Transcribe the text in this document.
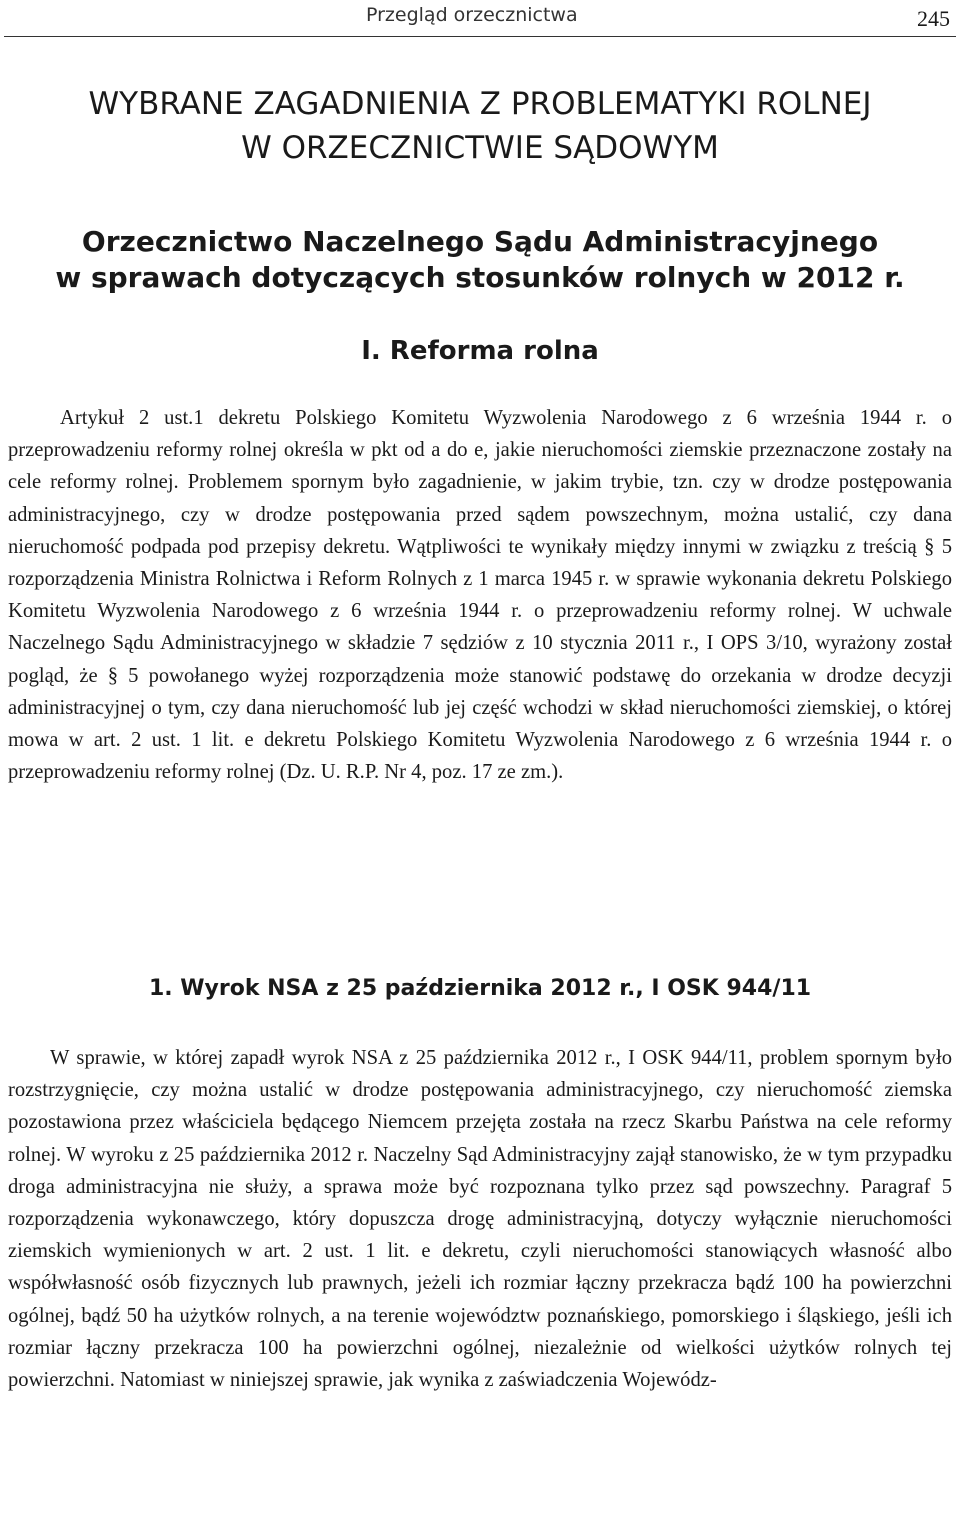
Przegląd orzecznictwa	245
WYBRANE ZAGADNIENIA Z PROBLEMATYKI ROLNEJ
W ORZECZNICTWIE SĄDOWYM
Orzecznictwo Naczelnego Sądu Administracyjnego
w sprawach dotyczących stosunków rolnych w 2012 r.
I. Reforma rolna

Artykuł 2 ust.1 dekretu Polskiego Komitetu Wyzwolenia Narodowego z 6 września 1944 r. o przeprowadzeniu reformy rolnej określa w pkt od a do e, jakie nieruchomości ziemskie przeznaczone zostały na cele reformy rolnej. Problemem spornym było zagadnienie, w jakim trybie, tzn. czy w drodze postępowania administracyjnego, czy w drodze postępowania przed sądem powszechnym, można ustalić, czy dana nieruchomość podpada pod przepisy dekretu. Wątpliwości te wynikały między innymi w związku z treścią § 5 rozporządzenia Ministra Rolnictwa i Reform Rolnych z 1 marca 1945 r. w sprawie wykonania dekretu Polskiego Komitetu Wyzwolenia Narodowego z 6 września 1944 r. o przeprowadzeniu reformy rolnej. W uchwale Naczelnego Sądu Administracyjnego w składzie 7 sędziów z 10 stycznia 2011 r., I OPS 3/10, wyrażony został pogląd, że § 5 powołanego wyżej rozporządzenia może stanowić podstawę do orzekania w drodze decyzji administracyjnej o tym, czy dana nieruchomość lub jej część wchodzi w skład nieruchomości ziemskiej, o której mowa w art. 2 ust. 1 lit. e dekretu Polskiego Komitetu Wyzwolenia Narodowego z 6 września 1944 r. o przeprowadzeniu reformy rolnej (Dz. U. R.P. Nr 4, poz. 17 ze zm.).

1. Wyrok NSA z 25 października 2012 r., I OSK 944/11

W sprawie, w której zapadł wyrok NSA z 25 października 2012 r., I OSK 944/11, problem spornym było rozstrzygnięcie, czy można ustalić w drodze postępowania administracyjnego, czy nieruchomość ziemska pozostawiona przez właściciela będącego Niemcem przejęta została na rzecz Skarbu Państwa na cele reformy rolnej. W wyroku z 25 października 2012 r. Naczelny Sąd Administracyjny zajął stanowisko, że w tym przypadku droga administracyjna nie służy, a sprawa może być rozpoznana tylko przez sąd powszechny. Paragraf 5 rozporządzenia wykonawczego, który dopuszcza drogę administracyjną, dotyczy wyłącznie nieruchomości ziemskich wymienionych w art. 2 ust. 1 lit. e dekretu, czyli nieruchomości stanowiących własność albo współwłasność osób fizycznych lub prawnych, jeżeli ich rozmiar łączny przekracza bądź 100 ha powierzchni ogólnej, bądź 50 ha użytków rolnych, a na terenie województw poznańskiego, pomorskiego i śląskiego, jeśli ich rozmiar łączny przekracza 100 ha powierzchni ogólnej, niezależnie od wielkości użytków rolnych tej powierzchni. Natomiast w niniejszej sprawie, jak wynika z zaświadczenia Wojewódz-
